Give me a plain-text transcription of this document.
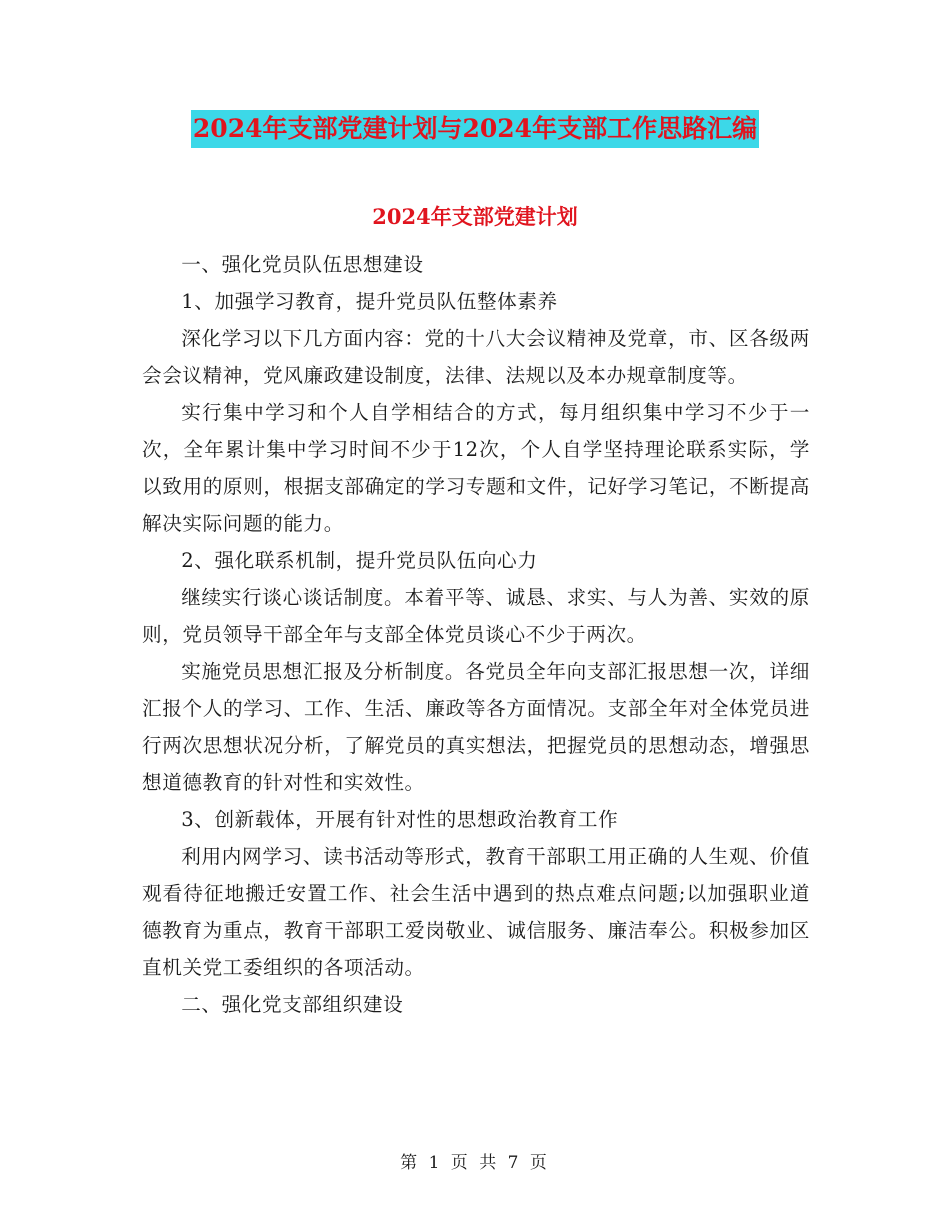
2024年支部党建计划与2024年支部工作思路汇编
2024年支部党建计划

一、强化党员队伍思想建设

1、加强学习教育，提升党员队伍整体素养

深化学习以下几方面内容：党的十八大会议精神及党章，市、区各级两会会议精神，党风廉政建设制度，法律、法规以及本办规章制度等。

实行集中学习和个人自学相结合的方式，每月组织集中学习不少于一次，全年累计集中学习时间不少于12次，个人自学坚持理论联系实际，学以致用的原则，根据支部确定的学习专题和文件，记好学习笔记，不断提高解决实际问题的能力。

2、强化联系机制，提升党员队伍向心力

继续实行谈心谈话制度。本着平等、诚恳、求实、与人为善、实效的原则，党员领导干部全年与支部全体党员谈心不少于两次。

实施党员思想汇报及分析制度。各党员全年向支部汇报思想一次，详细汇报个人的学习、工作、生活、廉政等各方面情况。支部全年对全体党员进行两次思想状况分析，了解党员的真实想法，把握党员的思想动态，增强思想道德教育的针对性和实效性。

3、创新载体，开展有针对性的思想政治教育工作

利用内网学习、读书活动等形式，教育干部职工用正确的人生观、价值观看待征地搬迁安置工作、社会生活中遇到的热点难点问题;以加强职业道德教育为重点，教育干部职工爱岗敬业、诚信服务、廉洁奉公。积极参加区直机关党工委组织的各项活动。

二、强化党支部组织建设

第 1 页 共 7 页
